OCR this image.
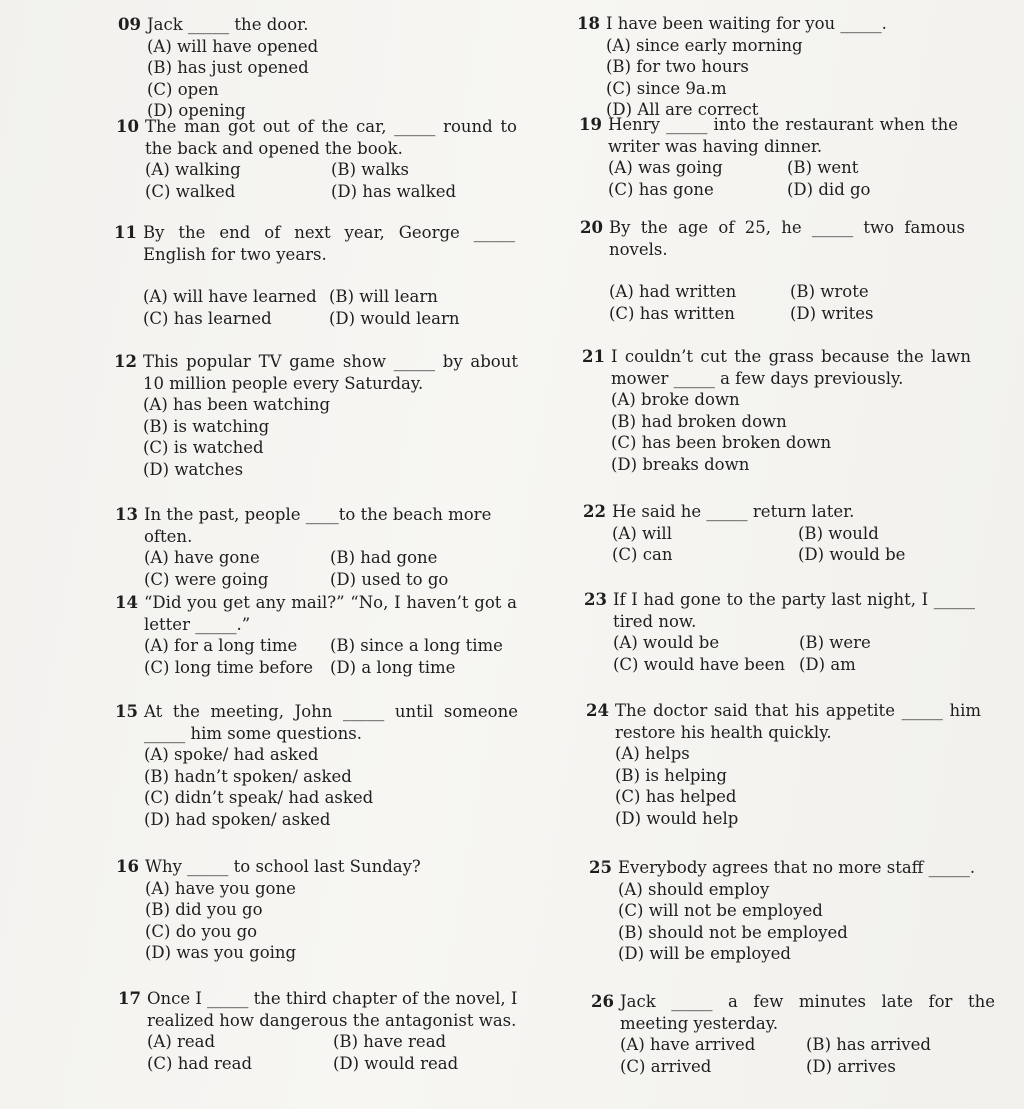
09 Jack _____ the door.
(A) will have opened
(B) has just opened
(C) open
(D) opening
10 The man got out of the car, _____ round to the back and opened the book.
(A) walking	(B) walks
(C) walked	(D) has walked
11 By the end of next year, George _____ English for two years.
(A) will have learned (B) will learn
(C) has learned	(D) would learn
12 This popular TV game show _____ by about 10 million people every Saturday.
(A) has been watching
(B) is watching
(C) is watched
(D) watches
13 In the past, people ____to the beach more often.
(A) have gone	(B) had gone
(C) were going	(D) used to go
14 “Did you get any mail?” “No, I haven’t got a letter _____.”
(A) for a long time	(B) since a long time
(C) long time before	(D) a long time
15 At the meeting, John _____ until someone _____ him some questions.
(A) spoke/ had asked
(B) hadn’t spoken/ asked
(C) didn’t speak/ had asked
(D) had spoken/ asked
16 Why _____ to school last Sunday?
(A) have you gone
(B) did you go
(C) do you go
(D) was you going
17 Once I _____ the third chapter of the novel, I realized how dangerous the antagonist was.
(A) read	(B) have read
(C) had read	(D) would read
18 I have been waiting for you _____.
(A) since early morning
(B) for two hours
(C) since 9a.m
(D) All are correct
19 Henry _____ into the restaurant when the writer was having dinner.
(A) was going	(B) went
(C) has gone	(D) did go
20 By the age of 25, he _____ two famous novels.
(A) had written	(B) wrote
(C) has written	(D) writes
21 I couldn’t cut the grass because the lawn mower _____ a few days previously.
(A) broke down
(B) had broken down
(C) has been broken down
(D) breaks down
22 He said he _____ return later.
(A) will	(B) would
(C) can	(D) would be
23 If I had gone to the party last night, I _____ tired now.
(A) would be	(B) were
(C) would have been (D) am
24 The doctor said that his appetite _____ him restore his health quickly.
(A) helps
(B) is helping
(C) has helped
(D) would help
25 Everybody agrees that no more staff _____.
(A) should employ
(C) will not be employed
(B) should not be employed
(D) will be employed
26 Jack _____ a few minutes late for the meeting yesterday.
(A) have arrived	(B) has arrived
(C) arrived	(D) arrives
